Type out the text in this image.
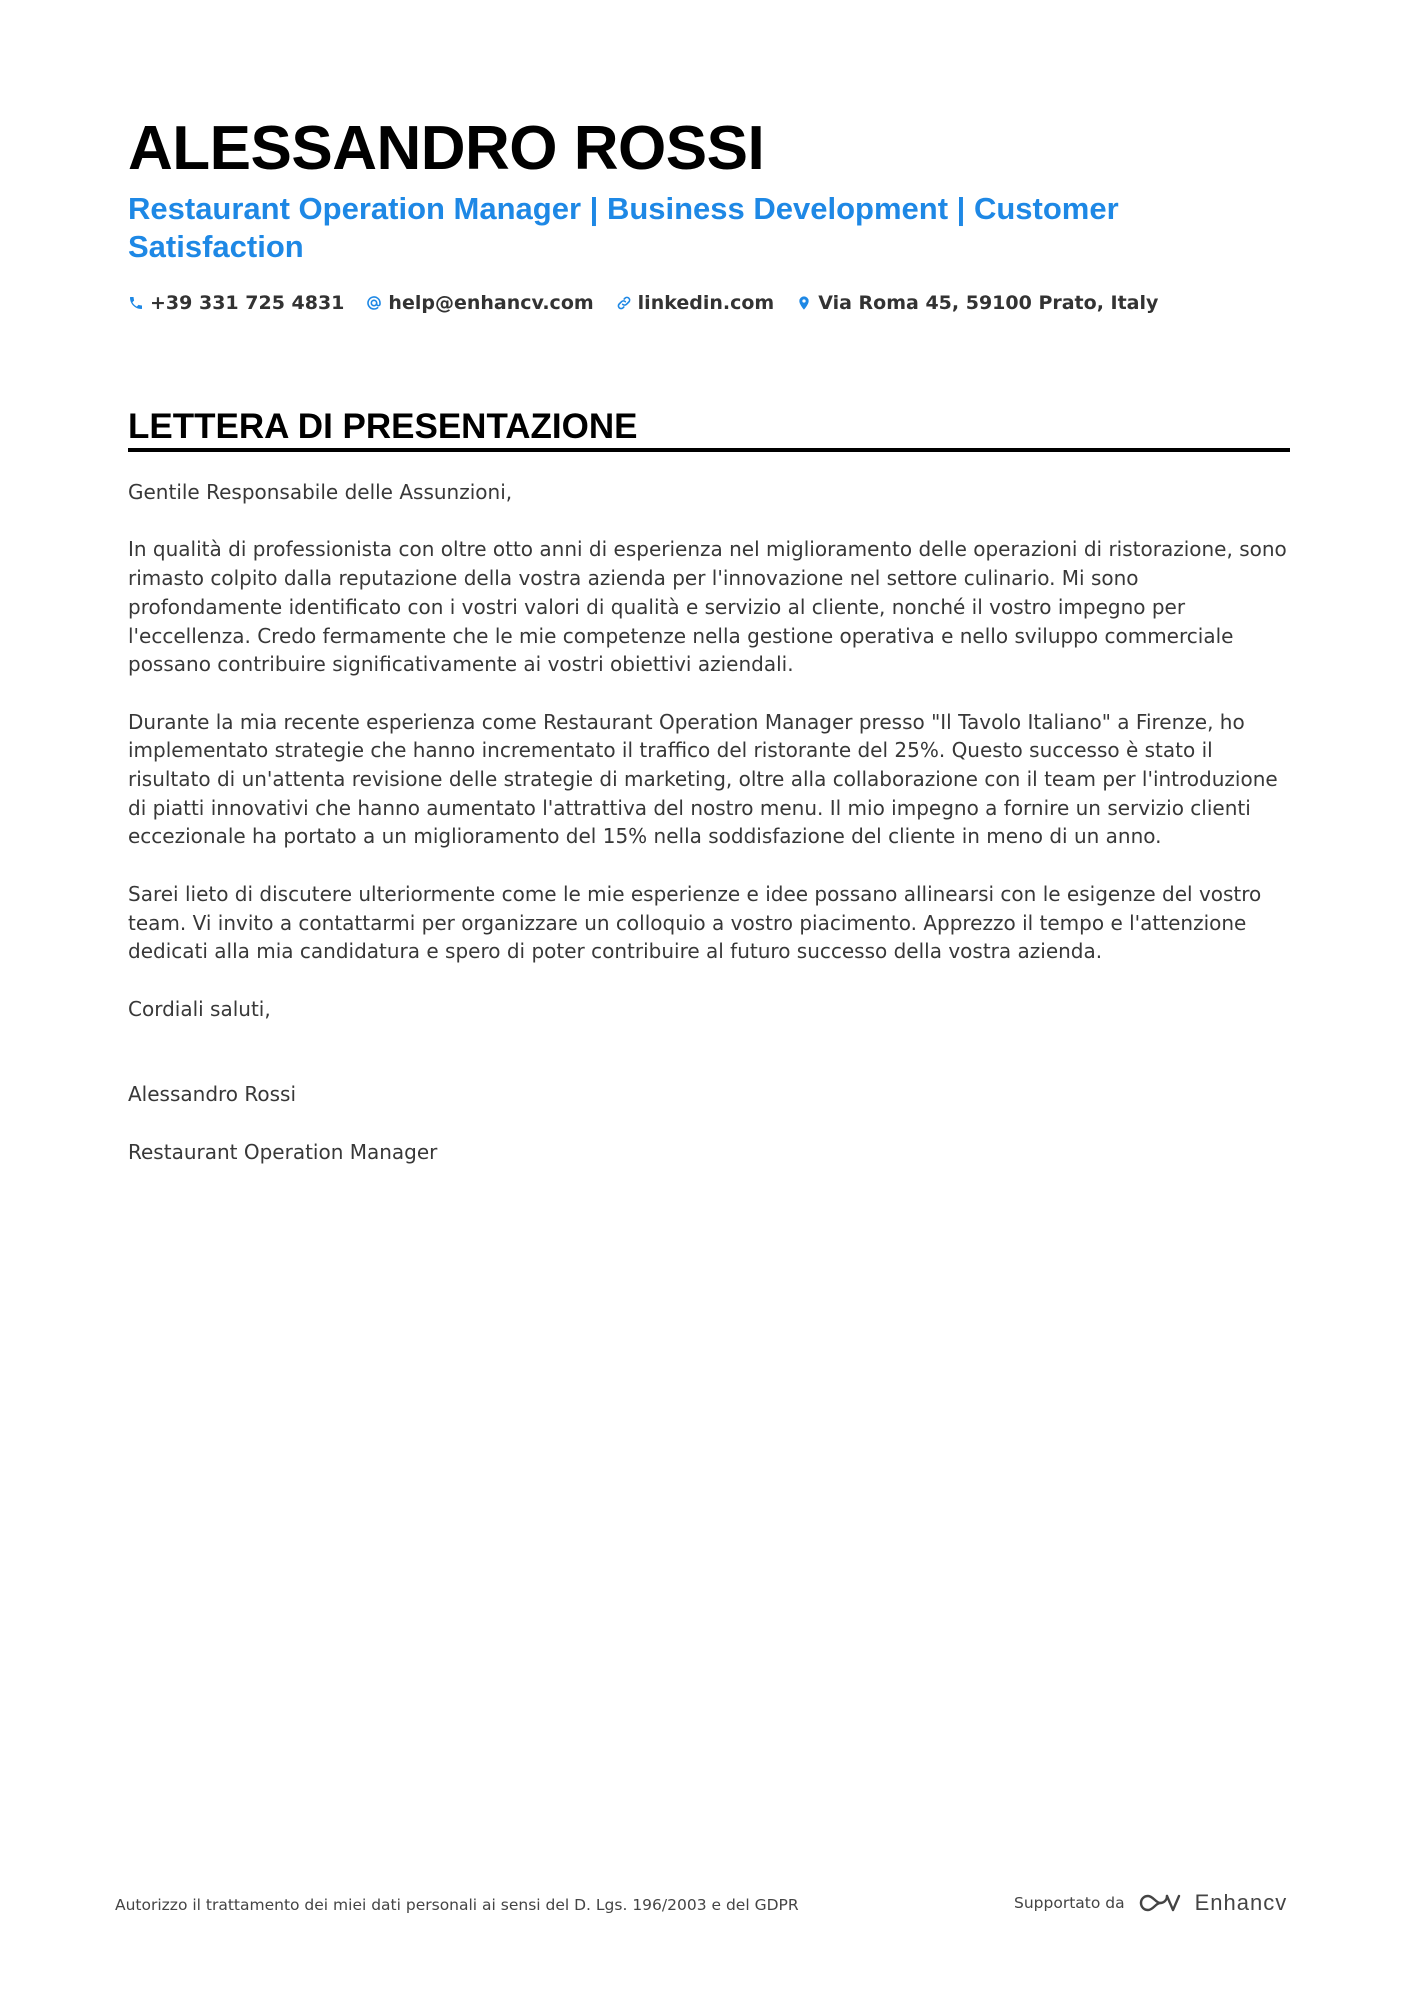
ALESSANDRO ROSSI
Restaurant Operation Manager | Business Development | Customer Satisfaction
+39 331 725 4831 help@enhancv.com linkedin.com Via Roma 45, 59100 Prato, Italy
LETTERA DI PRESENTAZIONE

Gentile Responsabile delle Assunzioni,

In qualità di professionista con oltre otto anni di esperienza nel miglioramento delle operazioni di ristorazione, sono rimasto colpito dalla reputazione della vostra azienda per l'innovazione nel settore culinario. Mi sono profondamente identificato con i vostri valori di qualità e servizio al cliente, nonché il vostro impegno per l'eccellenza. Credo fermamente che le mie competenze nella gestione operativa e nello sviluppo commerciale possano contribuire significativamente ai vostri obiettivi aziendali.

Durante la mia recente esperienza come Restaurant Operation Manager presso "Il Tavolo Italiano" a Firenze, ho implementato strategie che hanno incrementato il traffico del ristorante del 25%. Questo successo è stato il risultato di un'attenta revisione delle strategie di marketing, oltre alla collaborazione con il team per l'introduzione di piatti innovativi che hanno aumentato l'attrattiva del nostro menu. Il mio impegno a fornire un servizio clienti eccezionale ha portato a un miglioramento del 15% nella soddisfazione del cliente in meno di un anno.

Sarei lieto di discutere ulteriormente come le mie esperienze e idee possano allinearsi con le esigenze del vostro team. Vi invito a contattarmi per organizzare un colloquio a vostro piacimento. Apprezzo il tempo e l'attenzione dedicati alla mia candidatura e spero di poter contribuire al futuro successo della vostra azienda.

Cordiali saluti,

Alessandro Rossi

Restaurant Operation Manager

Autorizzo il trattamento dei miei dati personali ai sensi del D. Lgs. 196/2003 e del GDPR	Supportato da	Enhancv
